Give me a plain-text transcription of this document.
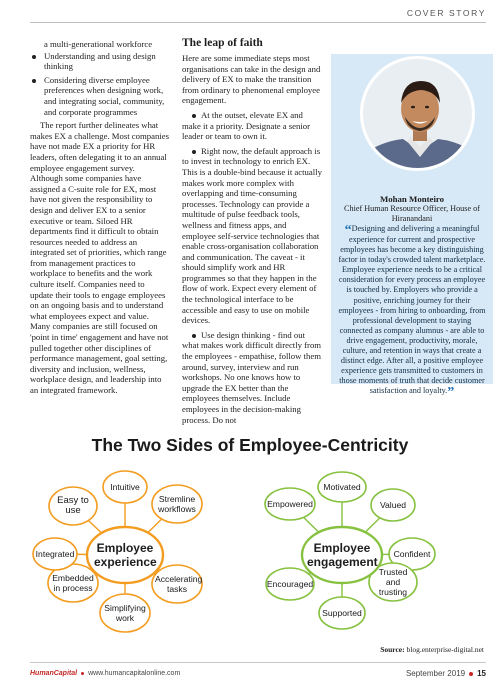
COVER STORY
a multi-generational workforce
Understanding and using design thinking
Considering diverse employee preferences when designing work, and integrating social, community, and corporate programmes

The report further delineates what makes EX a challenge. Most companies have not made EX a priority for HR leaders, often delegating it to an annual employee engagement survey. Although some companies have assigned a C-suite role for EX, most have not given the responsibility to design and deliver EX to a senior executive or team. Siloed HR departments find it difficult to obtain resources needed to address an integrated set of priorities, which range from management practices to workplace to benefits and the work culture itself. Companies need to update their tools to engage employees on an ongoing basis and to understand what employees expect and value. Many companies are still focused on 'point in time' engagement and have not pulled together other disciplines of performance management, goal setting, diversity and inclusion, wellness, workplace design, and leadership into an integrated framework.

The leap of faith

Here are some immediate steps most organisations can take in the design and delivery of EX to make the transition from ordinary to phenomenal employee engagement.

At the outset, elevate EX and make it a priority. Designate a senior leader or team to own it.

Right now, the default approach is to invest in technology to enrich EX. This is a double-bind because it actually makes work more complex with overlapping and time-consuming processes. Technology can provide a multitude of pulse feedback tools, wellness and fitness apps, and employee self-service technologies that enable cross-organisation collaboration and communication. The caveat - it should simplify work and HR programmes so that they happen in the flow of work. Expect every element of the technological interface to be accessible and easy to use on mobile devices.

Use design thinking - find out what makes work difficult directly from the employees - empathise, follow them around, survey, interview and run workshops. No one knows how to upgrade the EX better than the employees themselves. Include employees in the decision-making process. Do not

Mohan Monteiro
Chief Human Resource Officer, House of Hiranandani
“Designing and delivering a meaningful experience for current and prospective employees has become a key distinguishing factor in today's crowded talent marketplace. Employee experience needs to be a critical consideration for every process an employee is touched by. Employers who provide a positive, enriching journey for their employees - from hiring to onboarding, from professional development to staying connected as company alumnus - are able to drive engagement, productivity, morale, culture, and retention in ways that create a distinct edge. After all, a positive employee experience gets transmitted to customers in those moments of truth that decide customer satisfaction and loyalty.”
The Two Sides of Employee-Centricity
Intuitive
Stremline workflows
Accelerating tasks
Simplifying work
Embedded in process
Integrated
Easy to use
Employee experience
Motivated
Valued
Confident
Trusted and trusting
Supported
Encouraged
Empowered
Employee engagement
Source: blog.enterprise-digital.net
HumanCapital www.humancapitalonline.com	September 2019 15
